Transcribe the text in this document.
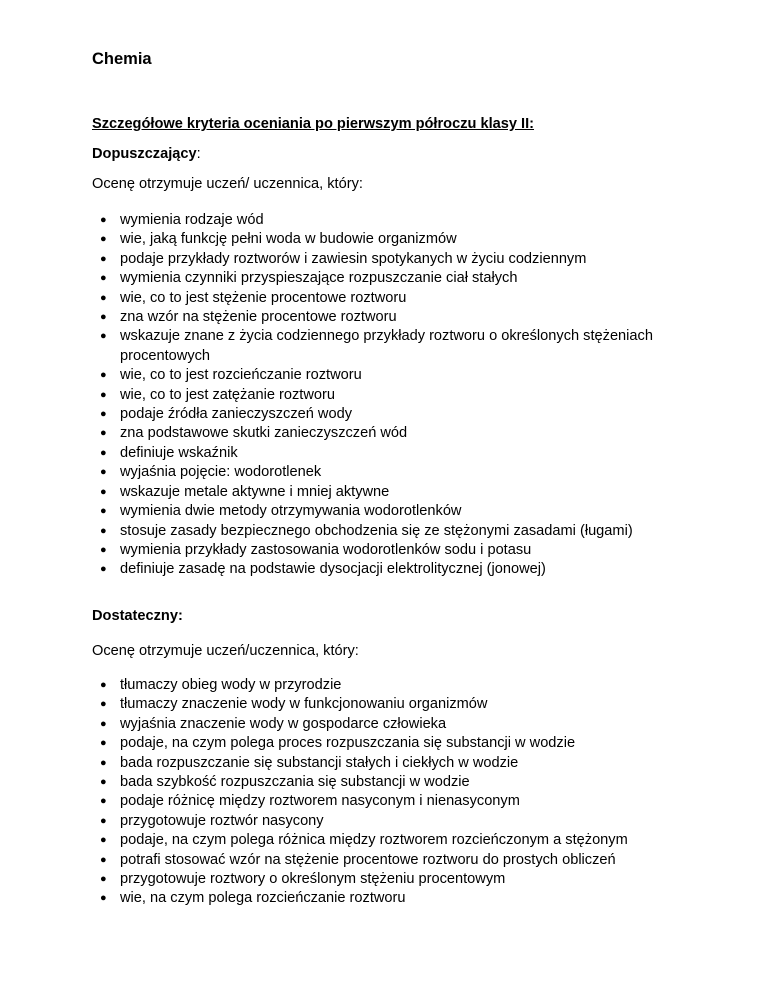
Chemia
Szczegółowe kryteria oceniania po pierwszym półroczu klasy II:
Dopuszczający:

Ocenę otrzymuje uczeń/ uczennica, który:

● wymienia rodzaje wód
● wie, jaką funkcję pełni woda w budowie organizmów
● podaje przykłady roztworów i zawiesin spotykanych w życiu codziennym
● wymienia czynniki przyspieszające rozpuszczanie ciał stałych
● wie, co to jest stężenie procentowe roztworu
● zna wzór na stężenie procentowe roztworu
● wskazuje znane z życia codziennego przykłady roztworu o określonych stężeniach procentowych
● wie, co to jest rozcieńczanie roztworu
● wie, co to jest zatężanie roztworu
● podaje źródła zanieczyszczeń wody
● zna podstawowe skutki zanieczyszczeń wód
● definiuje wskaźnik
● wyjaśnia pojęcie: wodorotlenek
● wskazuje metale aktywne i mniej aktywne
● wymienia dwie metody otrzymywania wodorotlenków
● stosuje zasady bezpiecznego obchodzenia się ze stężonymi zasadami (ługami)
● wymienia przykłady zastosowania wodorotlenków sodu i potasu
● definiuje zasadę na podstawie dysocjacji elektrolitycznej (jonowej)
Dostateczny:

Ocenę otrzymuje uczeń/uczennica, który:

● tłumaczy obieg wody w przyrodzie
● tłumaczy znaczenie wody w funkcjonowaniu organizmów
● wyjaśnia znaczenie wody w gospodarce człowieka
● podaje, na czym polega proces rozpuszczania się substancji w wodzie
● bada rozpuszczanie się substancji stałych i ciekłych w wodzie
● bada szybkość rozpuszczania się substancji w wodzie
● podaje różnicę między roztworem nasyconym i nienasyconym
● przygotowuje roztwór nasycony
● podaje, na czym polega różnica między roztworem rozcieńczonym a stężonym
● potrafi stosować wzór na stężenie procentowe roztworu do prostych obliczeń
● przygotowuje roztwory o określonym stężeniu procentowym
● wie, na czym polega rozcieńczanie roztworu
